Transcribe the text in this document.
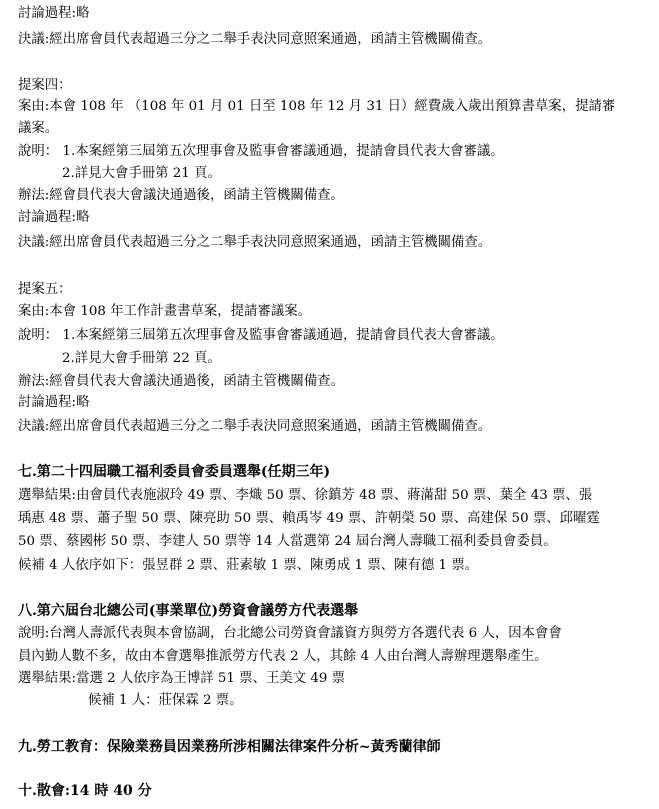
討論過程:略
決議:經出席會員代表超過三分之二舉手表決同意照案通過，函請主管機關備查。
提案四：
案由:本會 108 年 （108 年 01 月 01 日至 108 年 12 月 31 日）經費歲入歲出預算書草案，提請審
議案。
說明： 1.本案經第三屆第五次理事會及監事會審議通過，提請會員代表大會審議。
2.詳見大會手冊第 21 頁。
辦法:經會員代表大會議決通過後，函請主管機關備查。
討論過程:略
決議:經出席會員代表超過三分之二舉手表決同意照案通過，函請主管機關備查。
提案五：
案由:本會 108 年工作計畫書草案，提請審議案。
說明： 1.本案經第三屆第五次理事會及監事會審議通過，提請會員代表大會審議。
2.詳見大會手冊第 22 頁。
辦法:經會員代表大會議決通過後，函請主管機關備查。
討論過程:略
決議:經出席會員代表超過三分之二舉手表決同意照案通過，函請主管機關備查。
七.第二十四屆職工福利委員會委員選舉(任期三年)
選舉結果:由會員代表施淑玲 49 票、李熾 50 票、徐鎮芳 48 票、蔣滿甜 50 票、葉全 43 票、張
瑀惠 48 票、蕭子聖 50 票、陳亮助 50 票、賴禹岑 49 票、許朝榮 50 票、高建保 50 票、邱曜霆
50 票、蔡國彬 50 票、李建人 50 票等 14 人當選第 24 屆台灣人壽職工福利委員會委員。
候補 4 人依序如下：張昱群 2 票、莊素敏 1 票、陳勇成 1 票、陳有德 1 票。
八.第六屆台北總公司(事業單位)勞資會議勞方代表選舉
說明:台灣人壽派代表與本會協調，台北總公司勞資會議資方與勞方各選代表 6 人，因本會會
員內勤人數不多，故由本會選舉推派勞方代表 2 人，其餘 4 人由台灣人壽辦理選舉產生。
選舉結果:當選 2 人依序為王博詳 51 票、王美文 49 票
候補 1 人：莊保霖 2 票。
九.勞工教育：保險業務員因業務所涉相關法律案件分析~黃秀蘭律師
十.散會:14 時 40 分
